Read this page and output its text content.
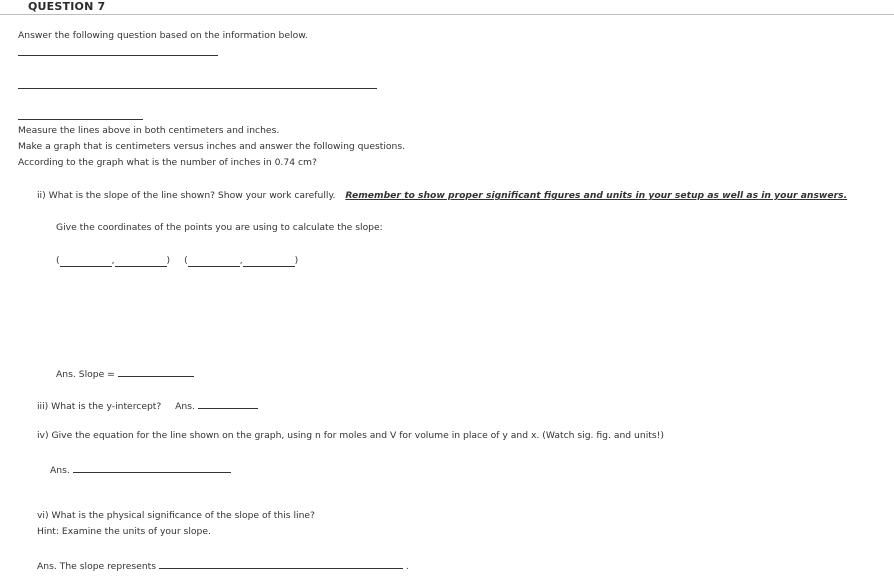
QUESTION 7
Answer the following question based on the information below.
Measure the lines above in both centimeters and inches.
Make a graph that is centimeters versus inches and answer the following questions.
According to the graph what is the number of inches in 0.74 cm?
ii) What is the slope of the line shown? Show your work carefully. Remember to show proper significant figures and units in your setup as well as in your answers.
Give the coordinates of the points you are using to calculate the slope:
(	,	) (	,	)
Ans. Slope =
iii) What is the y-intercept? Ans.
iv) Give the equation for the line shown on the graph, using n for moles and V for volume in place of y and x. (Watch sig. fig. and units!)
Ans.
vi) What is the physical significance of the slope of this line?
Hint: Examine the units of your slope.
Ans. The slope represents	.
